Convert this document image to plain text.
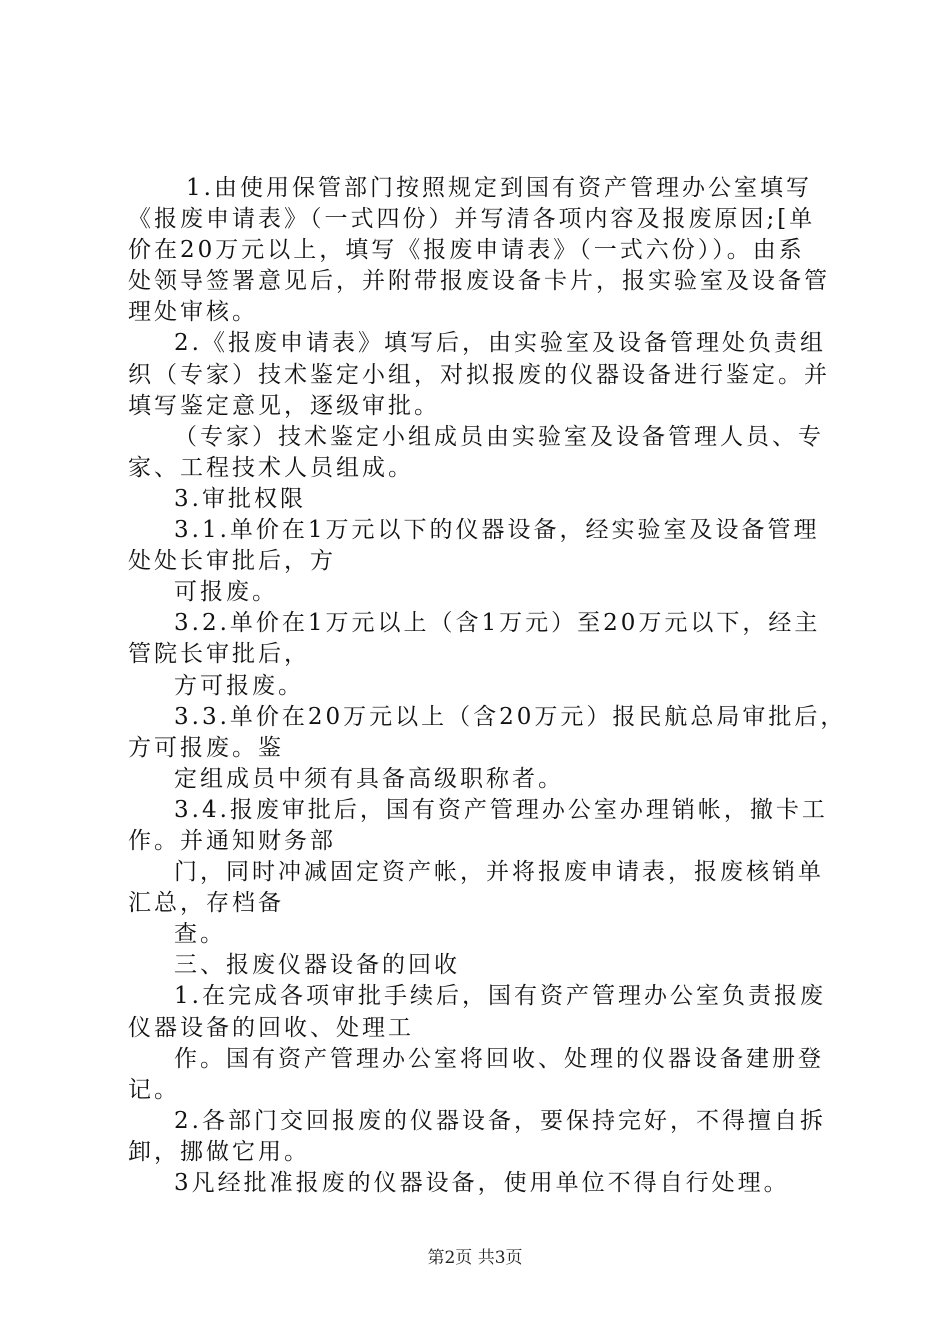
1.由使用保管部门按照规定到国有资产管理办公室填写
《报废申请表》（一式四份）并写清各项内容及报废原因;[单
价在20万元以上，填写《报废申请表》（一式六份））。由系
处领导签署意见后，并附带报废设备卡片，报实验室及设备管
理处审核。
2.《报废申请表》填写后，由实验室及设备管理处负责组
织（专家）技术鉴定小组，对拟报废的仪器设备进行鉴定。并
填写鉴定意见，逐级审批。
（专家）技术鉴定小组成员由实验室及设备管理人员、专
家、工程技术人员组成。
3.审批权限
3.1.单价在1万元以下的仪器设备，经实验室及设备管理
处处长审批后，方
可报废。
3.2.单价在1万元以上（含1万元）至20万元以下，经主
管院长审批后，
方可报废。
3.3.单价在20万元以上（含20万元）报民航总局审批后，
方可报废。鉴
定组成员中须有具备高级职称者。
3.4.报废审批后，国有资产管理办公室办理销帐，撤卡工
作。并通知财务部
门，同时冲减固定资产帐，并将报废申请表，报废核销单
汇总，存档备
查。
三、报废仪器设备的回收
1.在完成各项审批手续后，国有资产管理办公室负责报废
仪器设备的回收、处理工
作。国有资产管理办公室将回收、处理的仪器设备建册登
记。
2.各部门交回报废的仪器设备，要保持完好，不得擅自拆
卸，挪做它用。
3凡经批准报废的仪器设备，使用单位不得自行处理。
第2页 共3页
